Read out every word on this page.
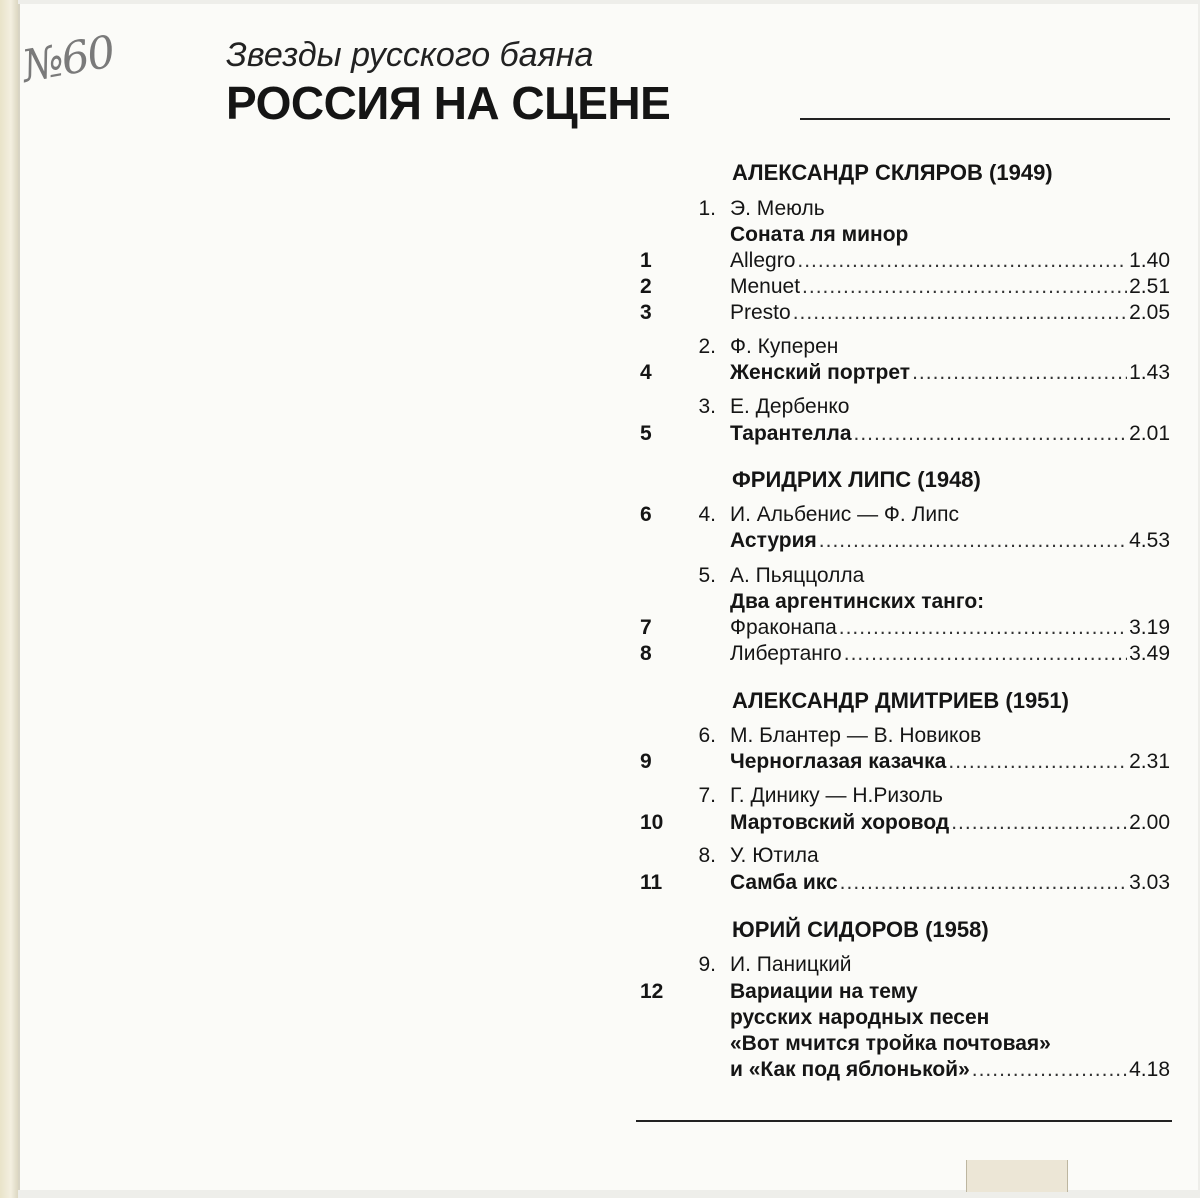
№60	Звезды русского баяна
РОССИЯ НА СЦЕНЕ
АЛЕКСАНДР СКЛЯРОВ (1949)
1. Э. Меюль
Соната ля минор
1	Allegro .....	1.40
2	Menuet .....	2.51
3	Presto .....	2.05
2. Ф. Куперен
4	Женский портрет .....	1.43
3. Е. Дербенко
5	Тарантелла .....	2.01
ФРИДРИХ ЛИПС (1948)
6	4. И. Альбенис — Ф. Липс
Астурия .....	4.53
5. А. Пьяццолла
Два аргентинских танго:
7	Фраконапа .....	3.19
8	Либертанго .....	3.49
АЛЕКСАНДР ДМИТРИЕВ (1951)
6. М. Блантер — В. Новиков
9	Черноглазая казачка .....	2.31
7. Г. Динику — Н.Ризоль
10	Мартовский хоровод .....	2.00
8. У. Ютила
11	Самба икс .....	3.03
ЮРИЙ СИДОРОВ (1958)
9. И. Паницкий
12	Вариации на тему
русских народных песен
«Вот мчится тройка почтовая»
и «Как под яблонькой» .....	4.18
